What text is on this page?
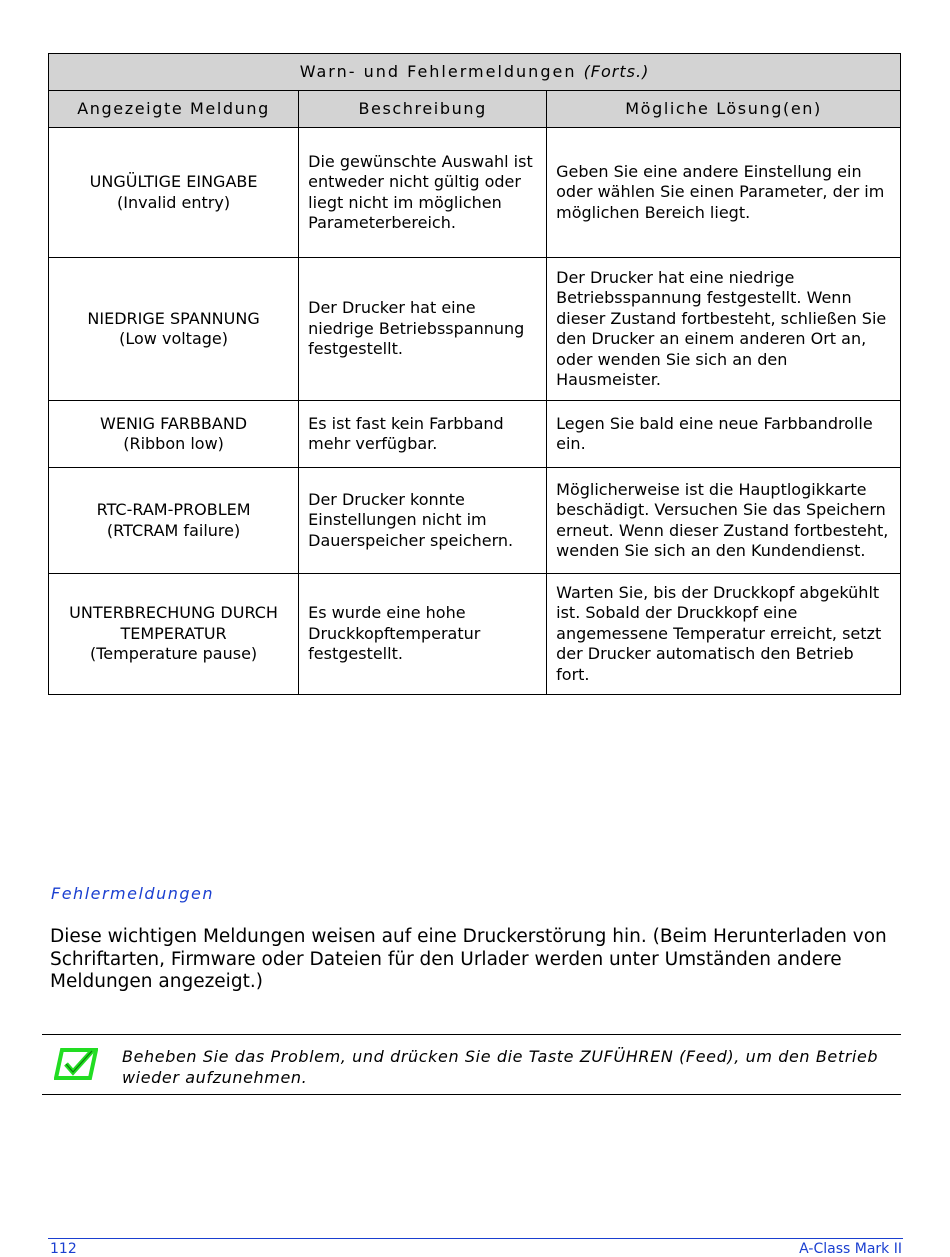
Warn- und Fehlermeldungen (Forts.)		
Angezeigte Meldung	Beschreibung	Mögliche Lösung(en)

UNGÜLTIGE EINGABE
(Invalid entry)	Die gewünschte Auswahl ist entweder nicht gültig oder liegt nicht im möglichen Parameterbereich.	Geben Sie eine andere Einstellung ein oder wählen Sie einen Parameter, der im möglichen Bereich liegt.

NIEDRIGE SPANNUNG
(Low voltage)	Der Drucker hat eine niedrige Betriebsspannung festgestellt.	Der Drucker hat eine niedrige Betriebsspannung festgestellt. Wenn dieser Zustand fortbesteht, schließen Sie den Drucker an einem anderen Ort an, oder wenden Sie sich an den Hausmeister.

WENIG FARBBAND
(Ribbon low)	Es ist fast kein Farbband mehr verfügbar.	Legen Sie bald eine neue Farbbandrolle ein.

RTC-RAM-PROBLEM
(RTCRAM failure)	Der Drucker konnte Einstellungen nicht im Dauerspeicher speichern.	Möglicherweise ist die Hauptlogikkarte beschädigt. Versuchen Sie das Speichern erneut. Wenn dieser Zustand fortbesteht, wenden Sie sich an den Kundendienst.

UNTERBRECHUNG DURCH
TEMPERATUR
(Temperature pause)	Es wurde eine hohe Druckkopftemperatur festgestellt.	Warten Sie, bis der Druckkopf abgekühlt ist. Sobald der Druckkopf eine angemessene Temperatur erreicht, setzt der Drucker automatisch den Betrieb fort.
Fehlermeldungen
Diese wichtigen Meldungen weisen auf eine Druckerstörung hin. (Beim Herunterladen von Schriftarten, Firmware oder Dateien für den Urlader werden unter Umständen andere Meldungen angezeigt.)
Beheben Sie das Problem, und drücken Sie die Taste ZUFÜHREN (Feed), um den Betrieb wieder aufzunehmen.
112	A-Class Mark II
